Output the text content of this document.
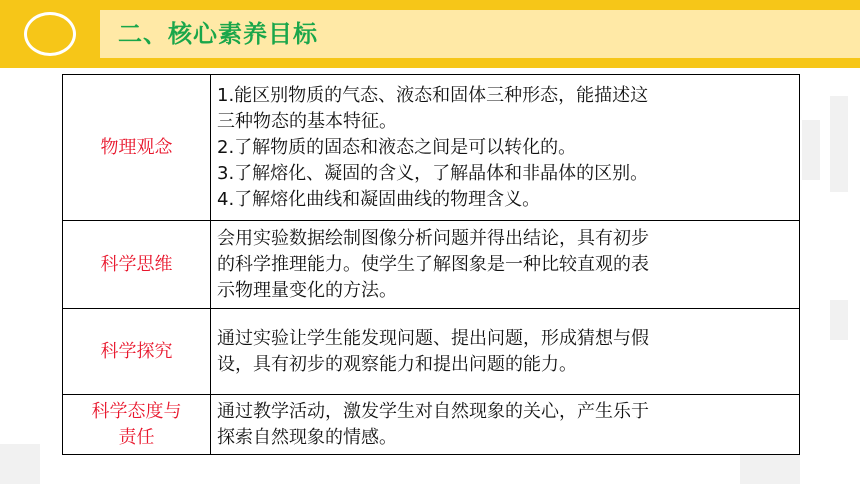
二、核心素养目标
物理观念	1.能区别物质的气态、液态和固体三种形态，能描述这
三种物态的基本特征。
2.了解物质的固态和液态之间是可以转化的。
3.了解熔化、凝固的含义，了解晶体和非晶体的区别。
4.了解熔化曲线和凝固曲线的物理含义。

科学思维	会用实验数据绘制图像分析问题并得出结论，具有初步
的科学推理能力。使学生了解图象是一种比较直观的表
示物理量变化的方法。

科学探究	通过实验让学生能发现问题、提出问题，形成猜想与假
设，具有初步的观察能力和提出问题的能力。

科学态度与
责任	通过教学活动，激发学生对自然现象的关心，产生乐于
探索自然现象的情感。
